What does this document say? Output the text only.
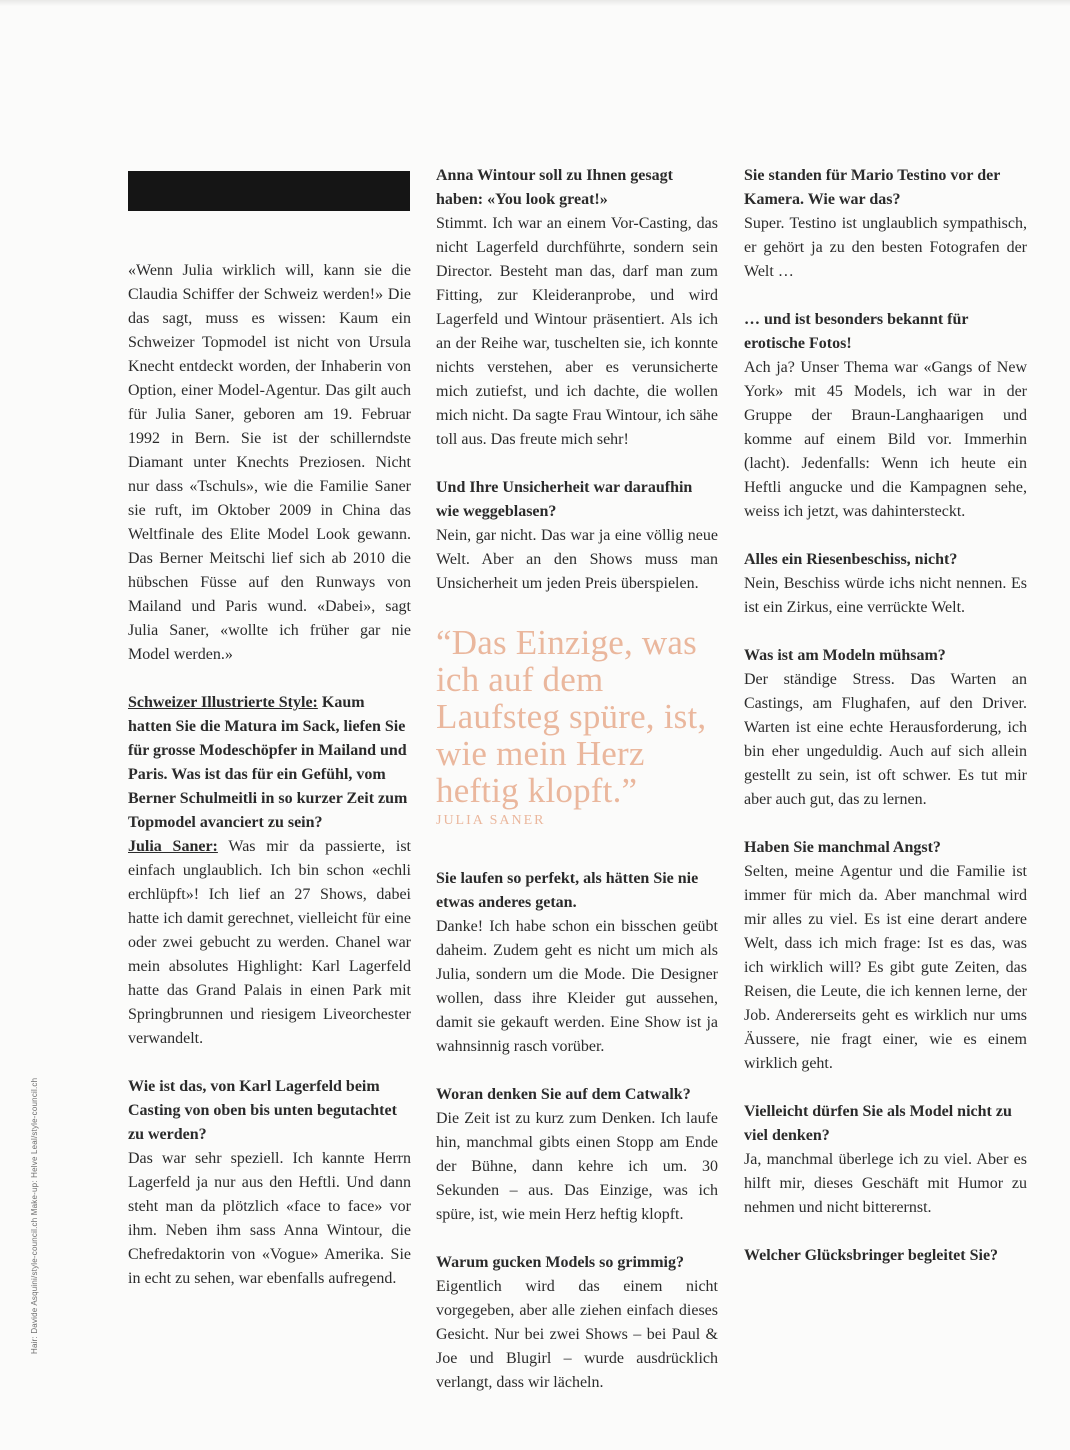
Hair: Davide Asquini/style-council.ch Make-up: Helve Leal/style-council.ch

«Wenn Julia wirklich will, kann sie die Claudia Schiffer der Schweiz werden!» Die das sagt, muss es wissen: Kaum ein Schweizer Topmodel ist nicht von Ursula Knecht entdeckt worden, der Inhaberin von Option, einer Model-Agentur. Das gilt auch für Julia Saner, geboren am 19. Februar 1992 in Bern. Sie ist der schillerndste Diamant unter Knechts Preziosen. Nicht nur dass «Tschuls», wie die Familie Saner sie ruft, im Oktober 2009 in China das Weltfinale des Elite Model Look gewann. Das Berner Meitschi lief sich ab 2010 die hübschen Füsse auf den Runways von Mailand und Paris wund. «Dabei», sagt Julia Saner, «wollte ich früher gar nie Model werden.»

Schweizer Illustrierte Style: Kaum hatten Sie die Matura im Sack, liefen Sie für grosse Modeschöpfer in Mailand und Paris. Was ist das für ein Gefühl, vom Berner Schulmeitli in so kurzer Zeit zum Topmodel avanciert zu sein?

Julia Saner: Was mir da passierte, ist einfach unglaublich. Ich bin schon «echli erchlüpft»! Ich lief an 27 Shows, dabei hatte ich damit gerechnet, vielleicht für eine oder zwei gebucht zu werden. Chanel war mein absolutes Highlight: Karl Lagerfeld hatte das Grand Palais in einen Park mit Springbrunnen und riesigem Liveorchester verwandelt.

Wie ist das, von Karl Lagerfeld beim Casting von oben bis unten begutachtet zu werden?

Das war sehr speziell. Ich kannte Herrn Lagerfeld ja nur aus den Heftli. Und dann steht man da plötzlich «face to face» vor ihm. Neben ihm sass Anna Wintour, die Chefredaktorin von «Vogue» Amerika. Sie in echt zu sehen, war ebenfalls aufregend.

Anna Wintour soll zu Ihnen gesagt haben: «You look great!»

Stimmt. Ich war an einem Vor-Casting, das nicht Lagerfeld durchführte, sondern sein Director. Besteht man das, darf man zum Fitting, zur Kleideranprobe, und wird Lagerfeld und Wintour präsentiert. Als ich an der Reihe war, tuschelten sie, ich konnte nichts verstehen, aber es verunsicherte mich zutiefst, und ich dachte, die wollen mich nicht. Da sagte Frau Wintour, ich sähe toll aus. Das freute mich sehr!

Und Ihre Unsicherheit war daraufhin wie weggeblasen?

Nein, gar nicht. Das war ja eine völlig neue Welt. Aber an den Shows muss man Unsicherheit um jeden Preis überspielen.

“Das Einzige, was ich auf dem Laufsteg spüre, ist, wie mein Herz heftig klopft.”

JULIA SANER

Sie laufen so perfekt, als hätten Sie nie etwas anderes getan.

Danke! Ich habe schon ein bisschen geübt daheim. Zudem geht es nicht um mich als Julia, sondern um die Mode. Die Designer wollen, dass ihre Kleider gut aussehen, damit sie gekauft werden. Eine Show ist ja wahnsinnig rasch vorüber.

Woran denken Sie auf dem Catwalk?

Die Zeit ist zu kurz zum Denken. Ich laufe hin, manchmal gibts einen Stopp am Ende der Bühne, dann kehre ich um. 30 Sekunden – aus. Das Einzige, was ich spüre, ist, wie mein Herz heftig klopft.

Warum gucken Models so grimmig?

Eigentlich wird das einem nicht vorgegeben, aber alle ziehen einfach dieses Gesicht. Nur bei zwei Shows – bei Paul & Joe und Blugirl – wurde ausdrücklich verlangt, dass wir lächeln.

Sie standen für Mario Testino vor der Kamera. Wie war das?

Super. Testino ist unglaublich sympathisch, er gehört ja zu den besten Fotografen der Welt …

… und ist besonders bekannt für erotische Fotos!

Ach ja? Unser Thema war «Gangs of New York» mit 45 Models, ich war in der Gruppe der Braun-Langhaarigen und komme auf einem Bild vor. Immerhin (lacht). Jedenfalls: Wenn ich heute ein Heftli angucke und die Kampagnen sehe, weiss ich jetzt, was dahintersteckt.

Alles ein Riesenbeschiss, nicht?

Nein, Beschiss würde ichs nicht nennen. Es ist ein Zirkus, eine verrückte Welt.

Was ist am Modeln mühsam?

Der ständige Stress. Das Warten an Castings, am Flughafen, auf den Driver. Warten ist eine echte Herausforderung, ich bin eher ungeduldig. Auch auf sich allein gestellt zu sein, ist oft schwer. Es tut mir aber auch gut, das zu lernen.

Haben Sie manchmal Angst?

Selten, meine Agentur und die Familie ist immer für mich da. Aber manchmal wird mir alles zu viel. Es ist eine derart andere Welt, dass ich mich frage: Ist es das, was ich wirklich will? Es gibt gute Zeiten, das Reisen, die Leute, die ich kennen lerne, der Job. Andererseits geht es wirklich nur ums Äussere, nie fragt einer, wie es einem wirklich geht.

Vielleicht dürfen Sie als Model nicht zu viel denken?

Ja, manchmal überlege ich zu viel. Aber es hilft mir, dieses Geschäft mit Humor zu nehmen und nicht bitterernst.

Welcher Glücksbringer begleitet Sie?
